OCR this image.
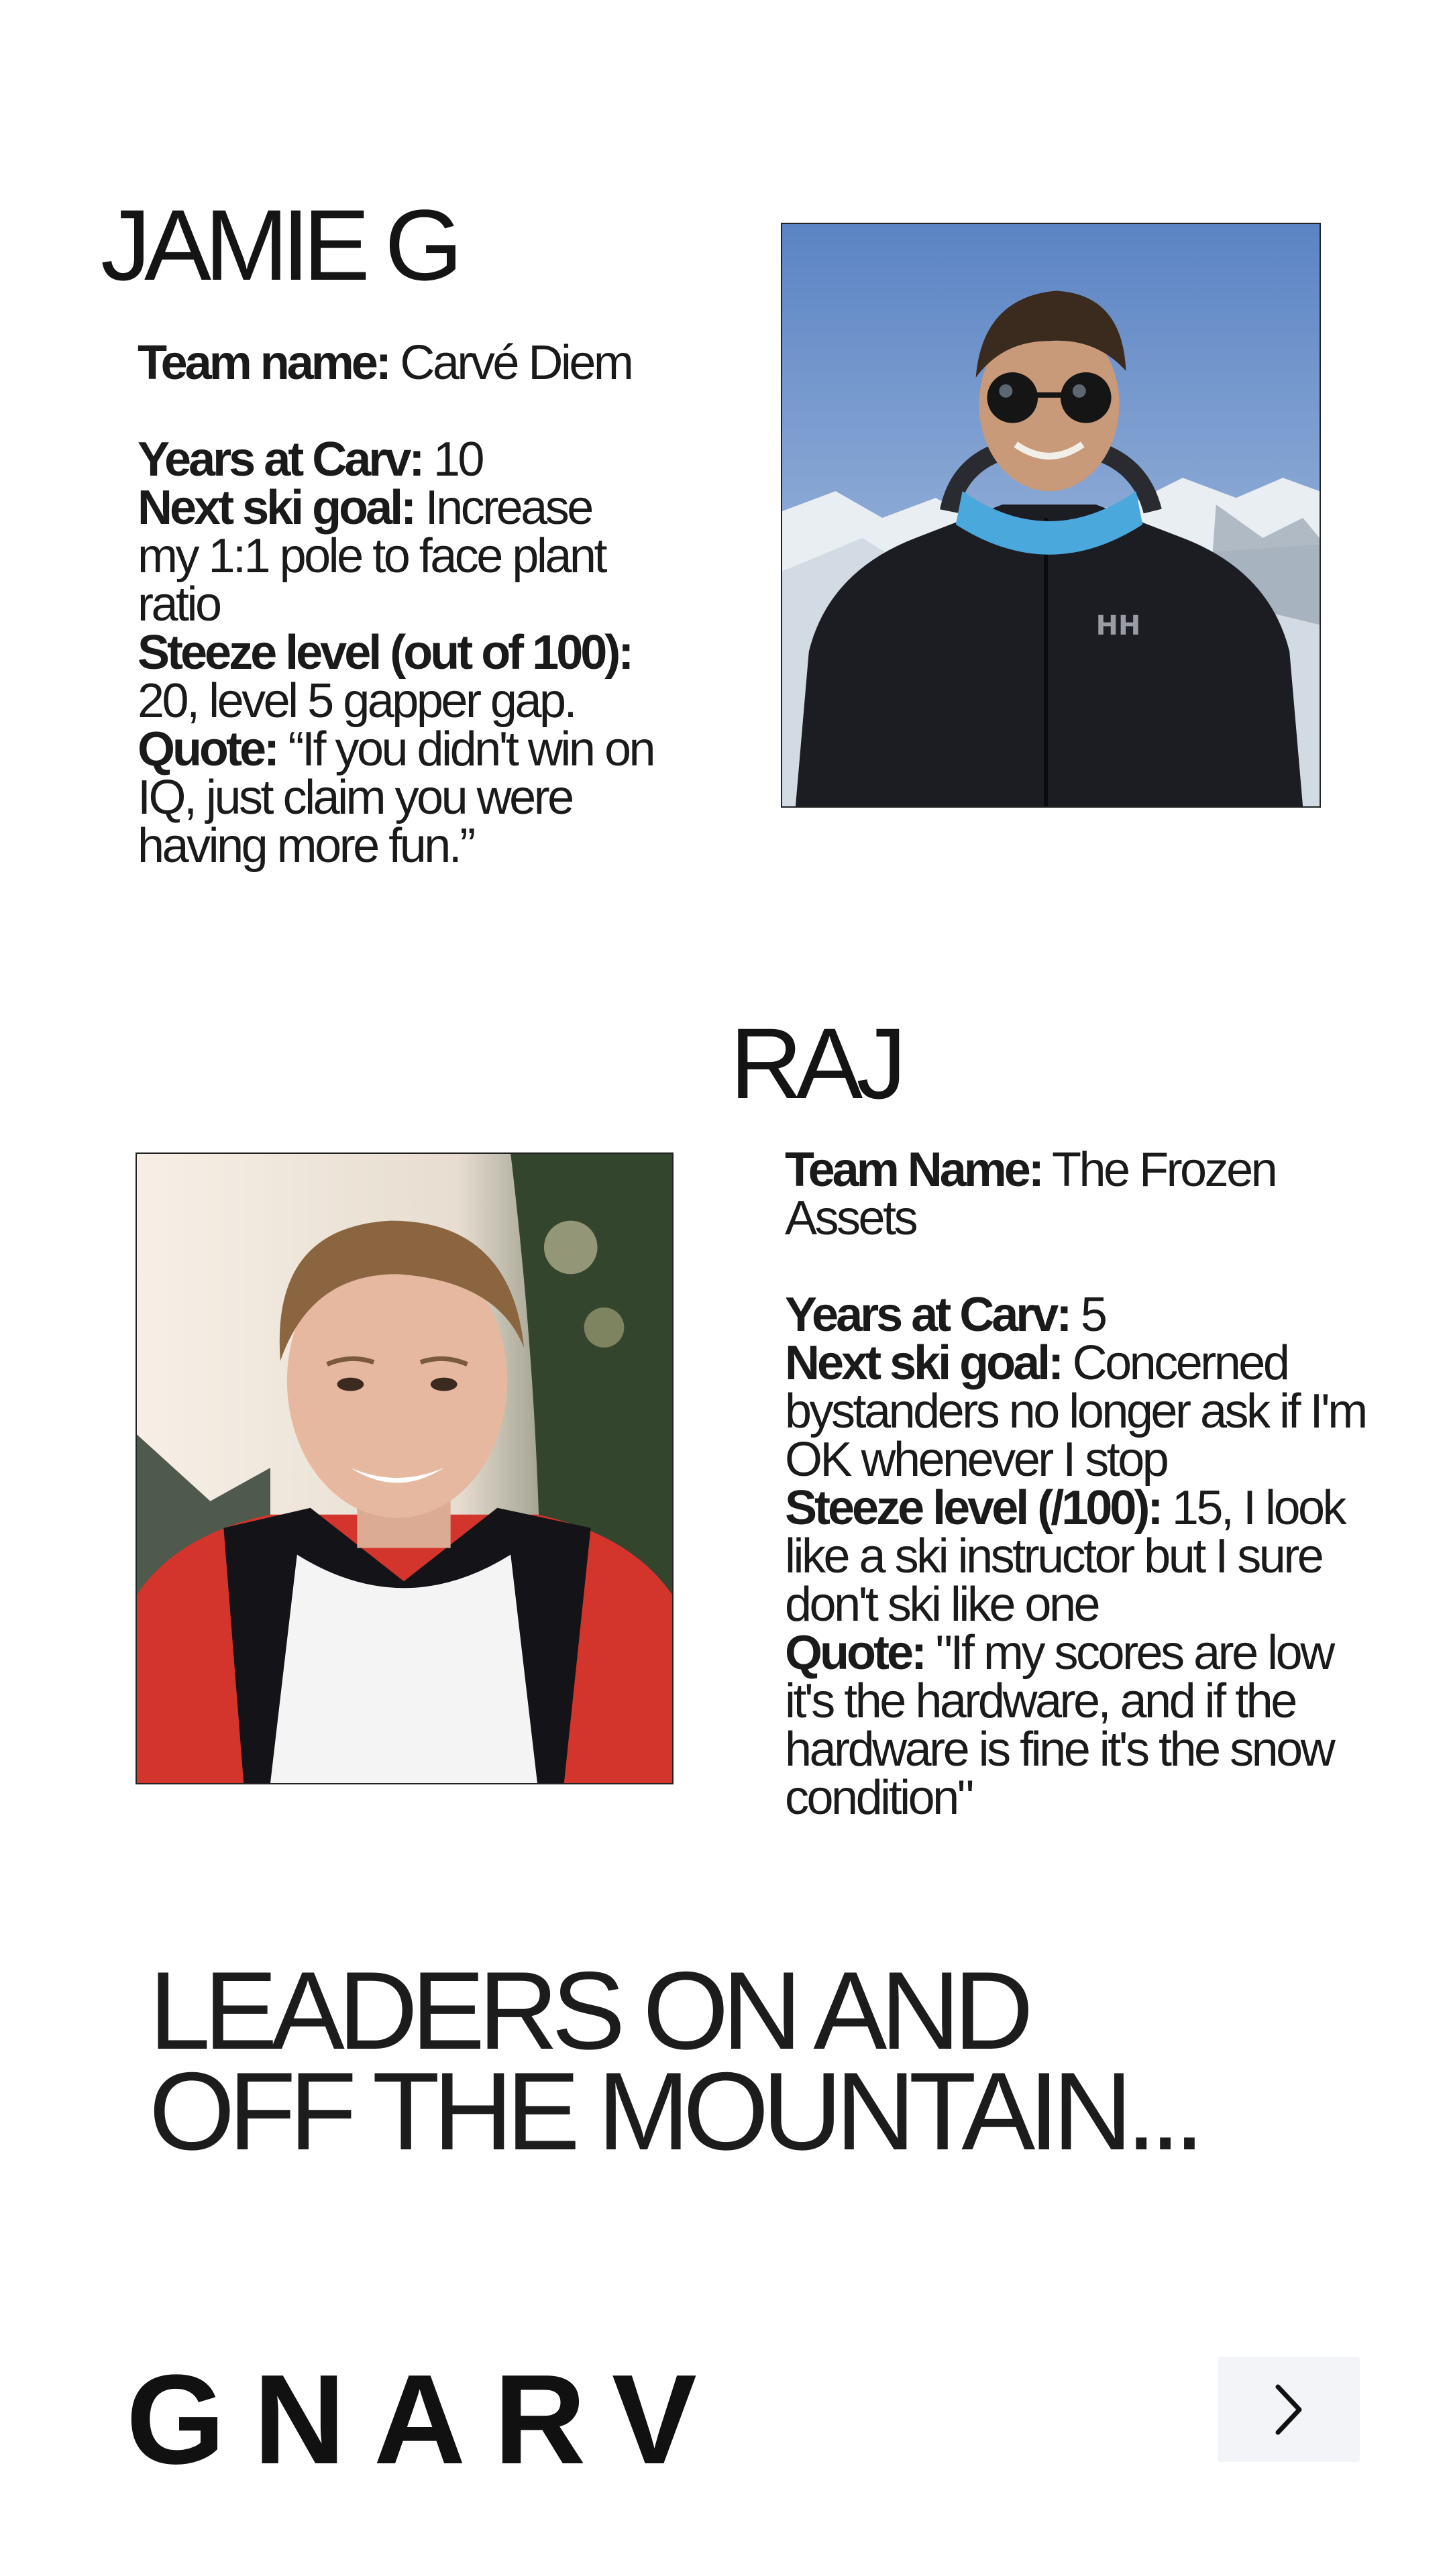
JAMIE G
Team name: Carvé Diem
Years at Carv: 10
Next ski goal: Increase my 1:1 pole to face plant ratio
Steeze level (out of 100): 20, level 5 gapper gap.
Quote: “If you didn't win on IQ, just claim you were having more fun.”
HH
RAJ
Team Name: The Frozen Assets
Years at Carv: 5
Next ski goal: Concerned bystanders no longer ask if I'm OK whenever I stop
Steeze level (/100): 15, I look like a ski instructor but I sure don't ski like one
Quote: "If my scores are low it's the hardware, and if the hardware is fine it's the snow condition"
LEADERS ON AND OFF THE MOUNTAIN...
GNARV
